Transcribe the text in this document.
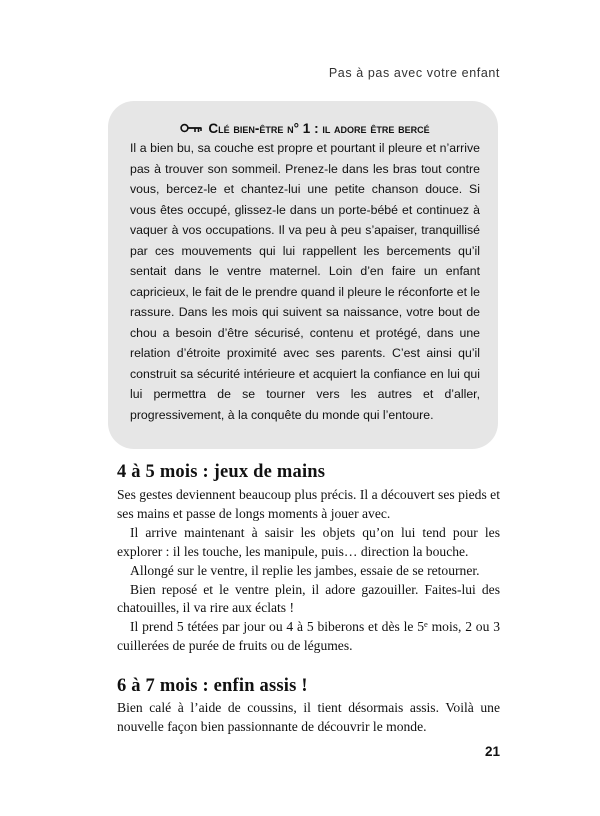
Pas à pas avec votre enfant
Clé bien-être n° 1 : il adore être bercé

Il a bien bu, sa couche est propre et pourtant il pleure et n’arrive pas à trouver son sommeil. Prenez-le dans les bras tout contre vous, bercez-le et chantez-lui une petite chanson douce. Si vous êtes occupé, glissez-le dans un porte-bébé et continuez à vaquer à vos occupations. Il va peu à peu s’apaiser, tranquillisé par ces mouvements qui lui rappellent les bercements qu’il sentait dans le ventre maternel. Loin d’en faire un enfant capricieux, le fait de le prendre quand il pleure le réconforte et le rassure. Dans les mois qui suivent sa naissance, votre bout de chou a besoin d’être sécurisé, contenu et protégé, dans une relation d’étroite proximité avec ses parents. C’est ainsi qu’il construit sa sécurité intérieure et acquiert la confiance en lui qui lui permettra de se tourner vers les autres et d’aller, progressivement, à la conquête du monde qui l’entoure.

4 à 5 mois : jeux de mains

Ses gestes deviennent beaucoup plus précis. Il a découvert ses pieds et ses mains et passe de longs moments à jouer avec.

Il arrive maintenant à saisir les objets qu’on lui tend pour les explorer : il les touche, les manipule, puis… direction la bouche.

Allongé sur le ventre, il replie les jambes, essaie de se retourner.

Bien reposé et le ventre plein, il adore gazouiller. Faites-lui des chatouilles, il va rire aux éclats !

Il prend 5 tétées par jour ou 4 à 5 biberons et dès le 5e mois, 2 ou 3 cuillerées de purée de fruits ou de légumes.

6 à 7 mois : enfin assis !

Bien calé à l’aide de coussins, il tient désormais assis. Voilà une nouvelle façon bien passionnante de découvrir le monde.

21
